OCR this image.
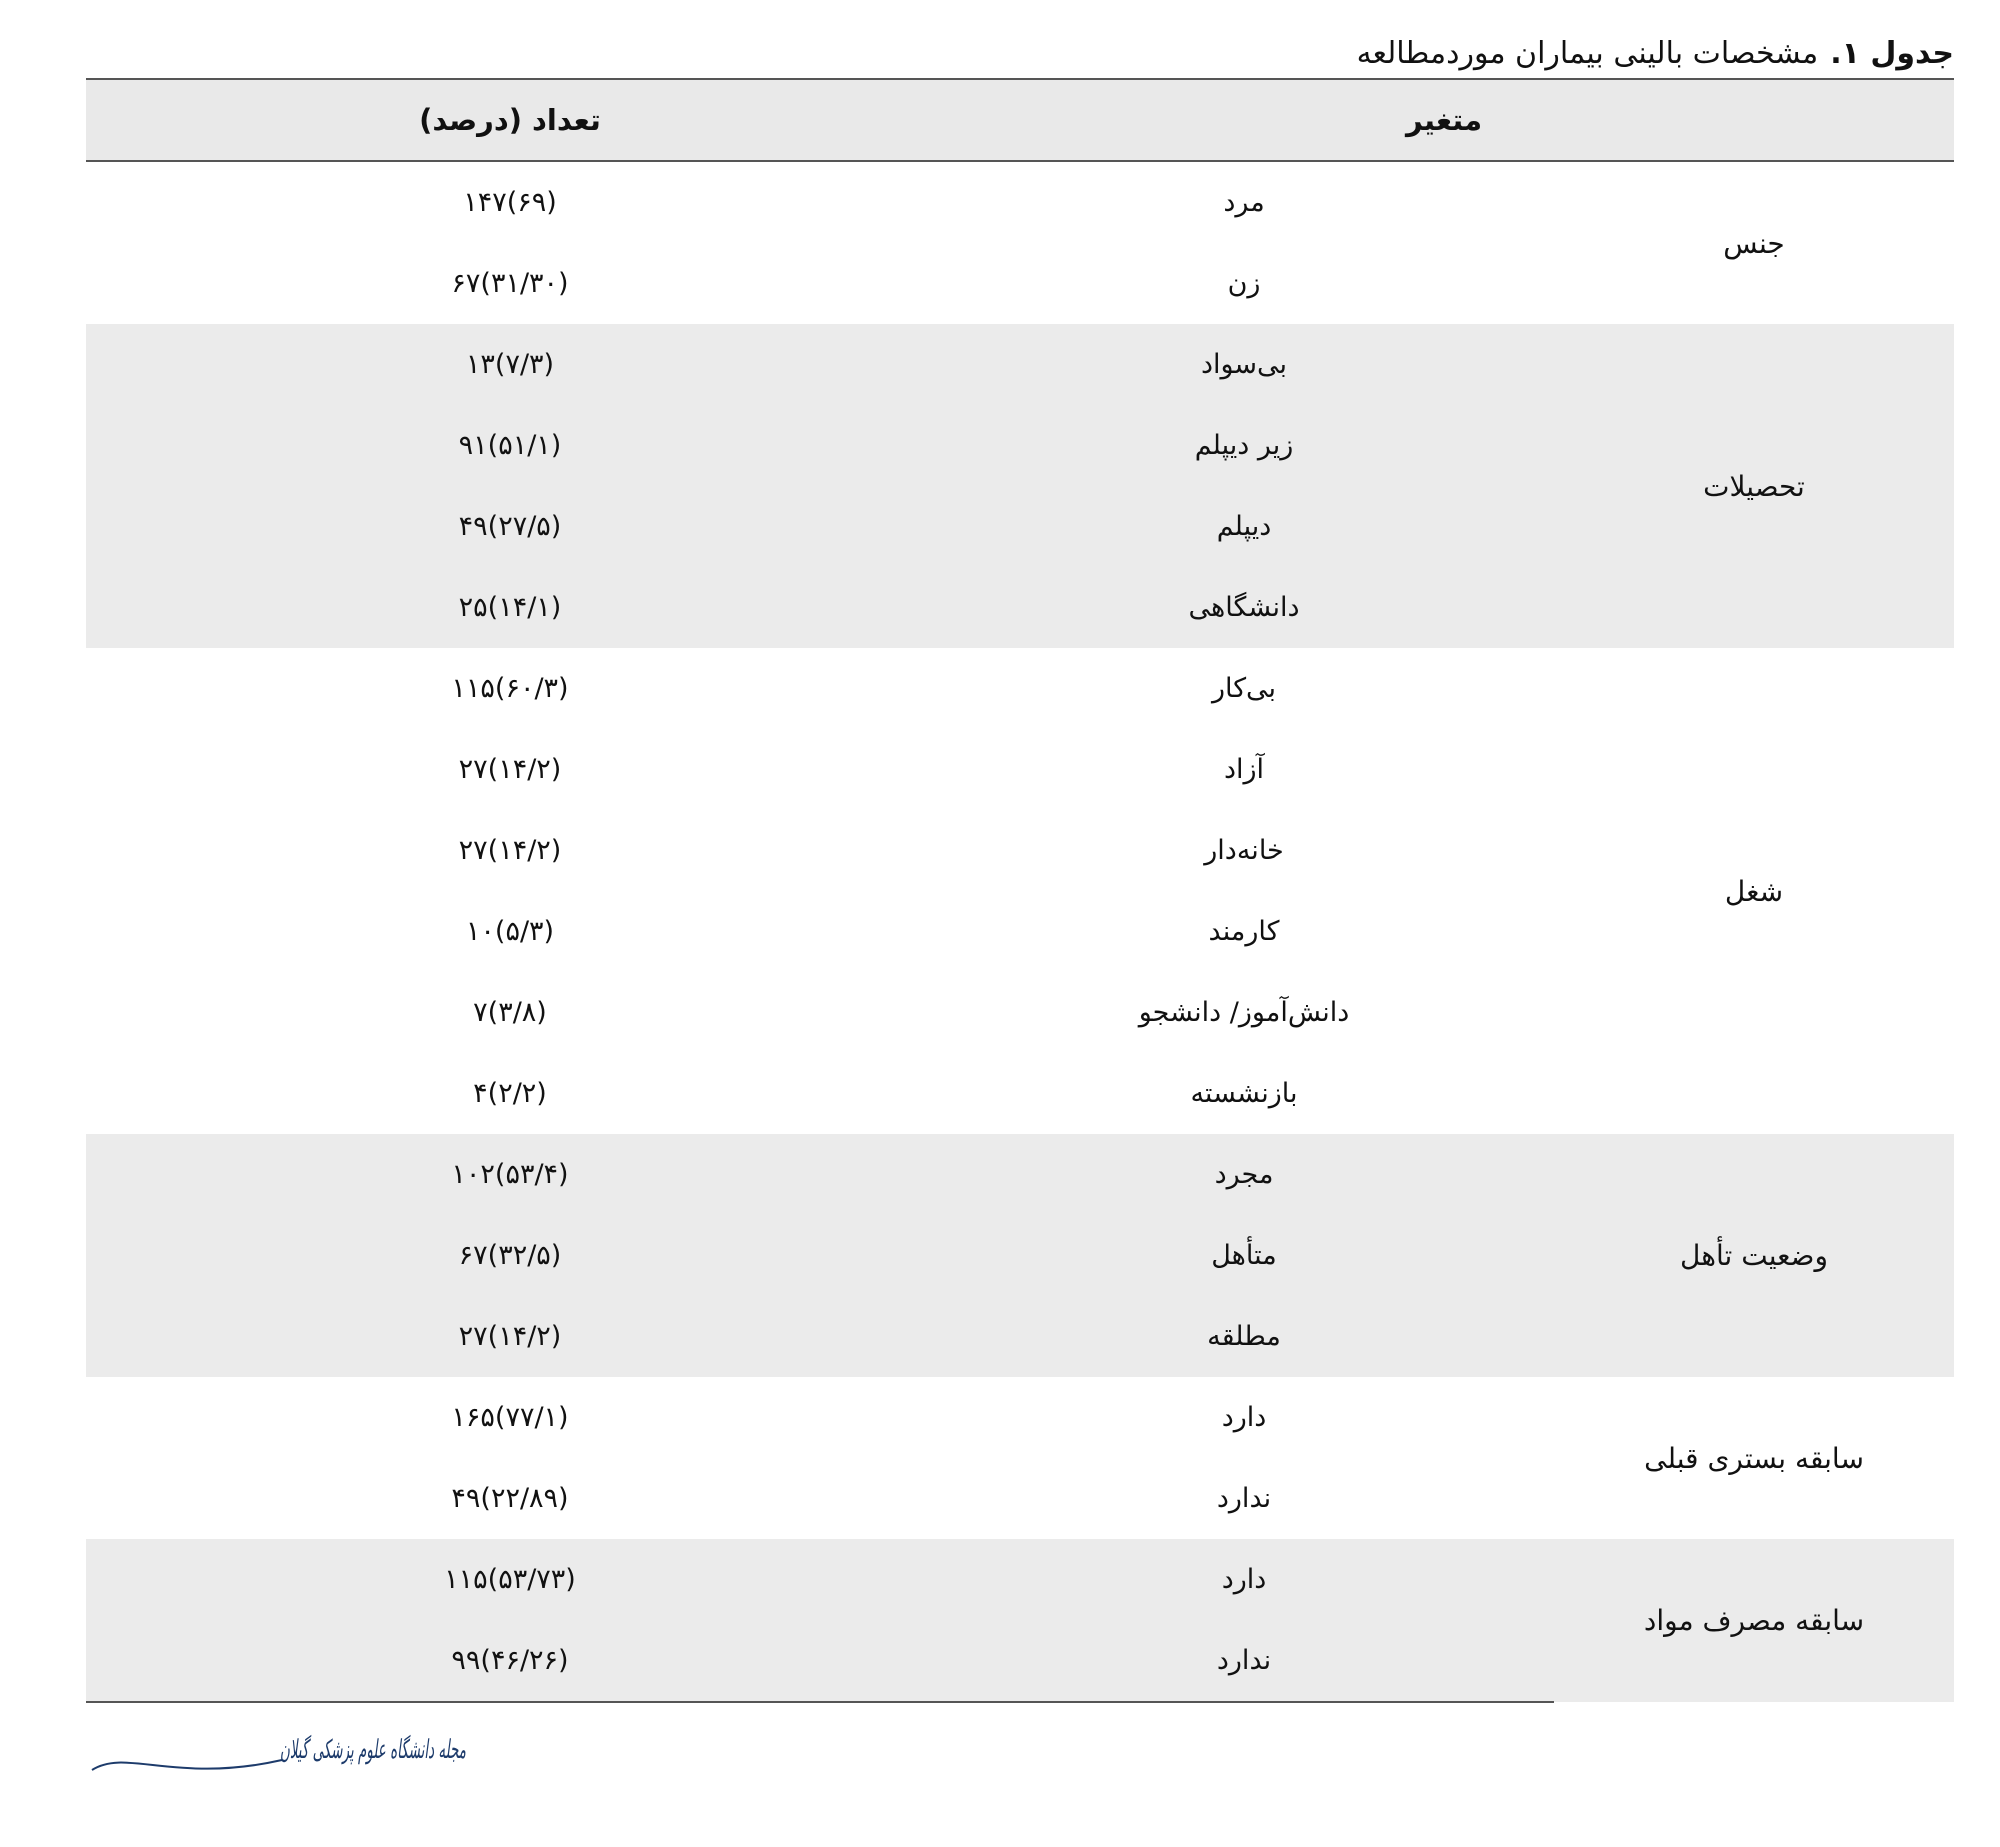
جدول ۱.مشخصات بالینی بیماران موردمطالعه
متغیر		تعداد (درصد)
جنس	مرد	۱۴۷(۶۹)
	زن	۶۷(۳۱/۳۰)
تحصیلات	بی‌سواد	۱۳(۷/۳)
	زیر دیپلم	۹۱(۵۱/۱)
	دیپلم	۴۹(۲۷/۵)
	دانشگاهی	۲۵(۱۴/۱)
شغل	بی‌کار	۱۱۵(۶۰/۳)
	آزاد	۲۷(۱۴/۲)
	خانه‌دار	۲۷(۱۴/۲)
	کارمند	۱۰(۵/۳)
	دانش‌آموز/ دانشجو	۷(۳/۸)
	بازنشسته	۴(۲/۲)
وضعیت تأهل	مجرد	۱۰۲(۵۳/۴)
	متأهل	۶۷(۳۲/۵)
	مطلقه	۲۷(۱۴/۲)
سابقه بستری قبلی	دارد	۱۶۵(۷۷/۱)
	ندارد	۴۹(۲۲/۸۹)
سابقه مصرف مواد	دارد	۱۱۵(۵۳/۷۳)
	ندارد	۹۹(۴۶/۲۶)
مجله دانشگاه علوم پزشکی گیلان
